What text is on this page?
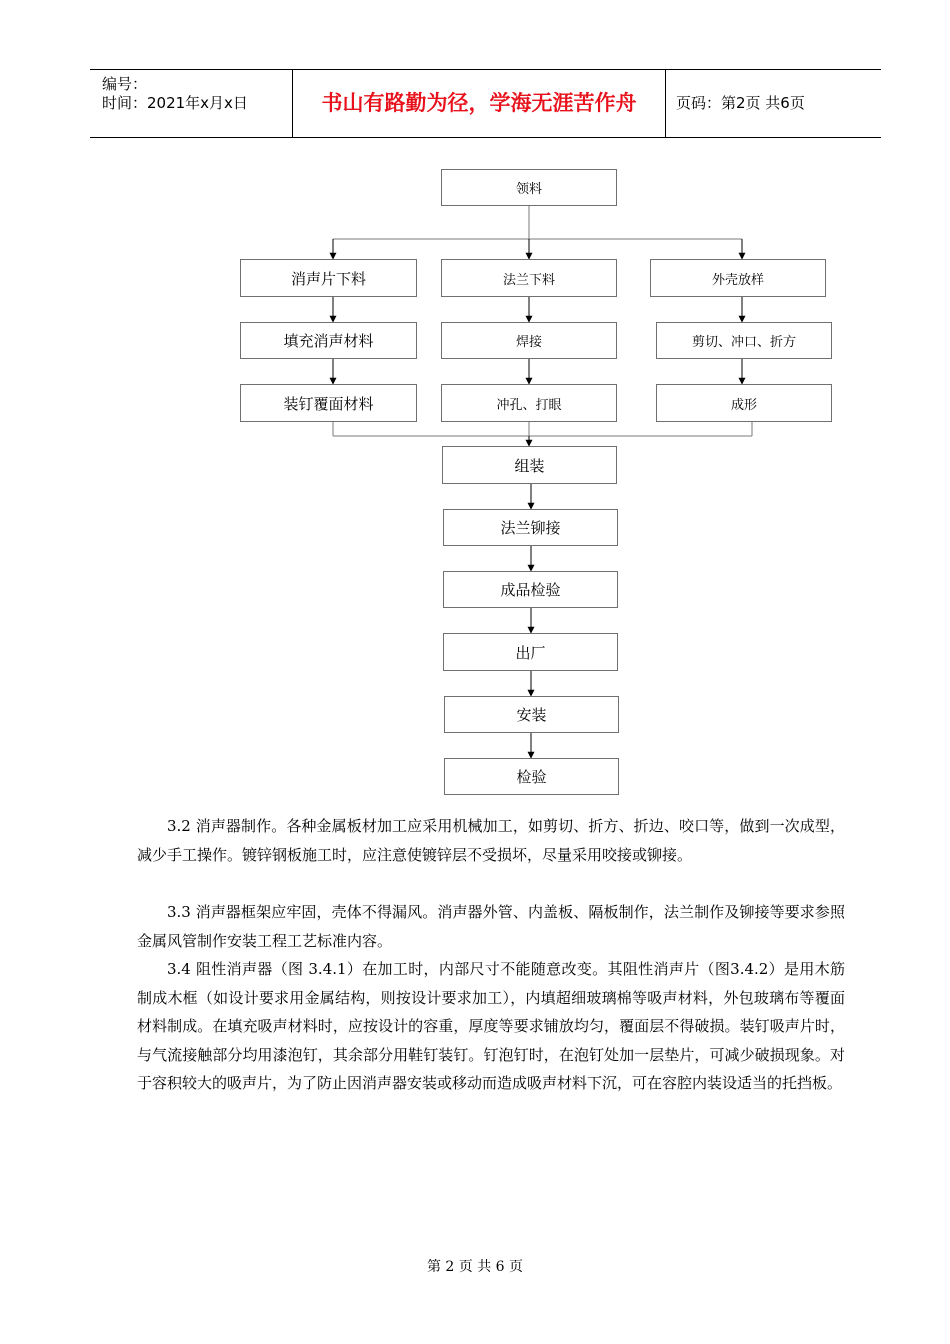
编号：
时间：2021年x月x日	书山有路勤为径，学海无涯苦作舟	页码：第2页 共6页
领料
消声片下料
填充消声材料
装钉覆面材料
法兰下料
焊接
冲孔、打眼
外壳放样
剪切、冲口、折方
成形
组装
法兰铆接
成品检验
出厂
安装
检验
3.2 消声器制作。各种金属板材加工应采用机械加工，如剪切、折方、折边、咬口等，做到一次成型，减少手工操作。镀锌钢板施工时，应注意使镀锌层不受损坏，尽量采用咬接或铆接。
3.3 消声器框架应牢固，壳体不得漏风。消声器外管、内盖板、隔板制作，法兰制作及铆接等要求参照金属风管制作安装工程工艺标准内容。
3.4 阻性消声器（图 3.4.1）在加工时，内部尺寸不能随意改变。其阻性消声片（图3.4.2）是用木筋制成木框（如设计要求用金属结构，则按设计要求加工），内填超细玻璃棉等吸声材料，外包玻璃布等覆面材料制成。在填充吸声材料时，应按设计的容重，厚度等要求铺放均匀，覆面层不得破损。装钉吸声片时，与气流接触部分均用漆泡钉，其余部分用鞋钉装钉。钉泡钉时，在泡钉处加一层垫片，可减少破损现象。对于容积较大的吸声片，为了防止因消声器安装或移动而造成吸声材料下沉，可在容腔内装设适当的托挡板。
第 2 页 共 6 页
